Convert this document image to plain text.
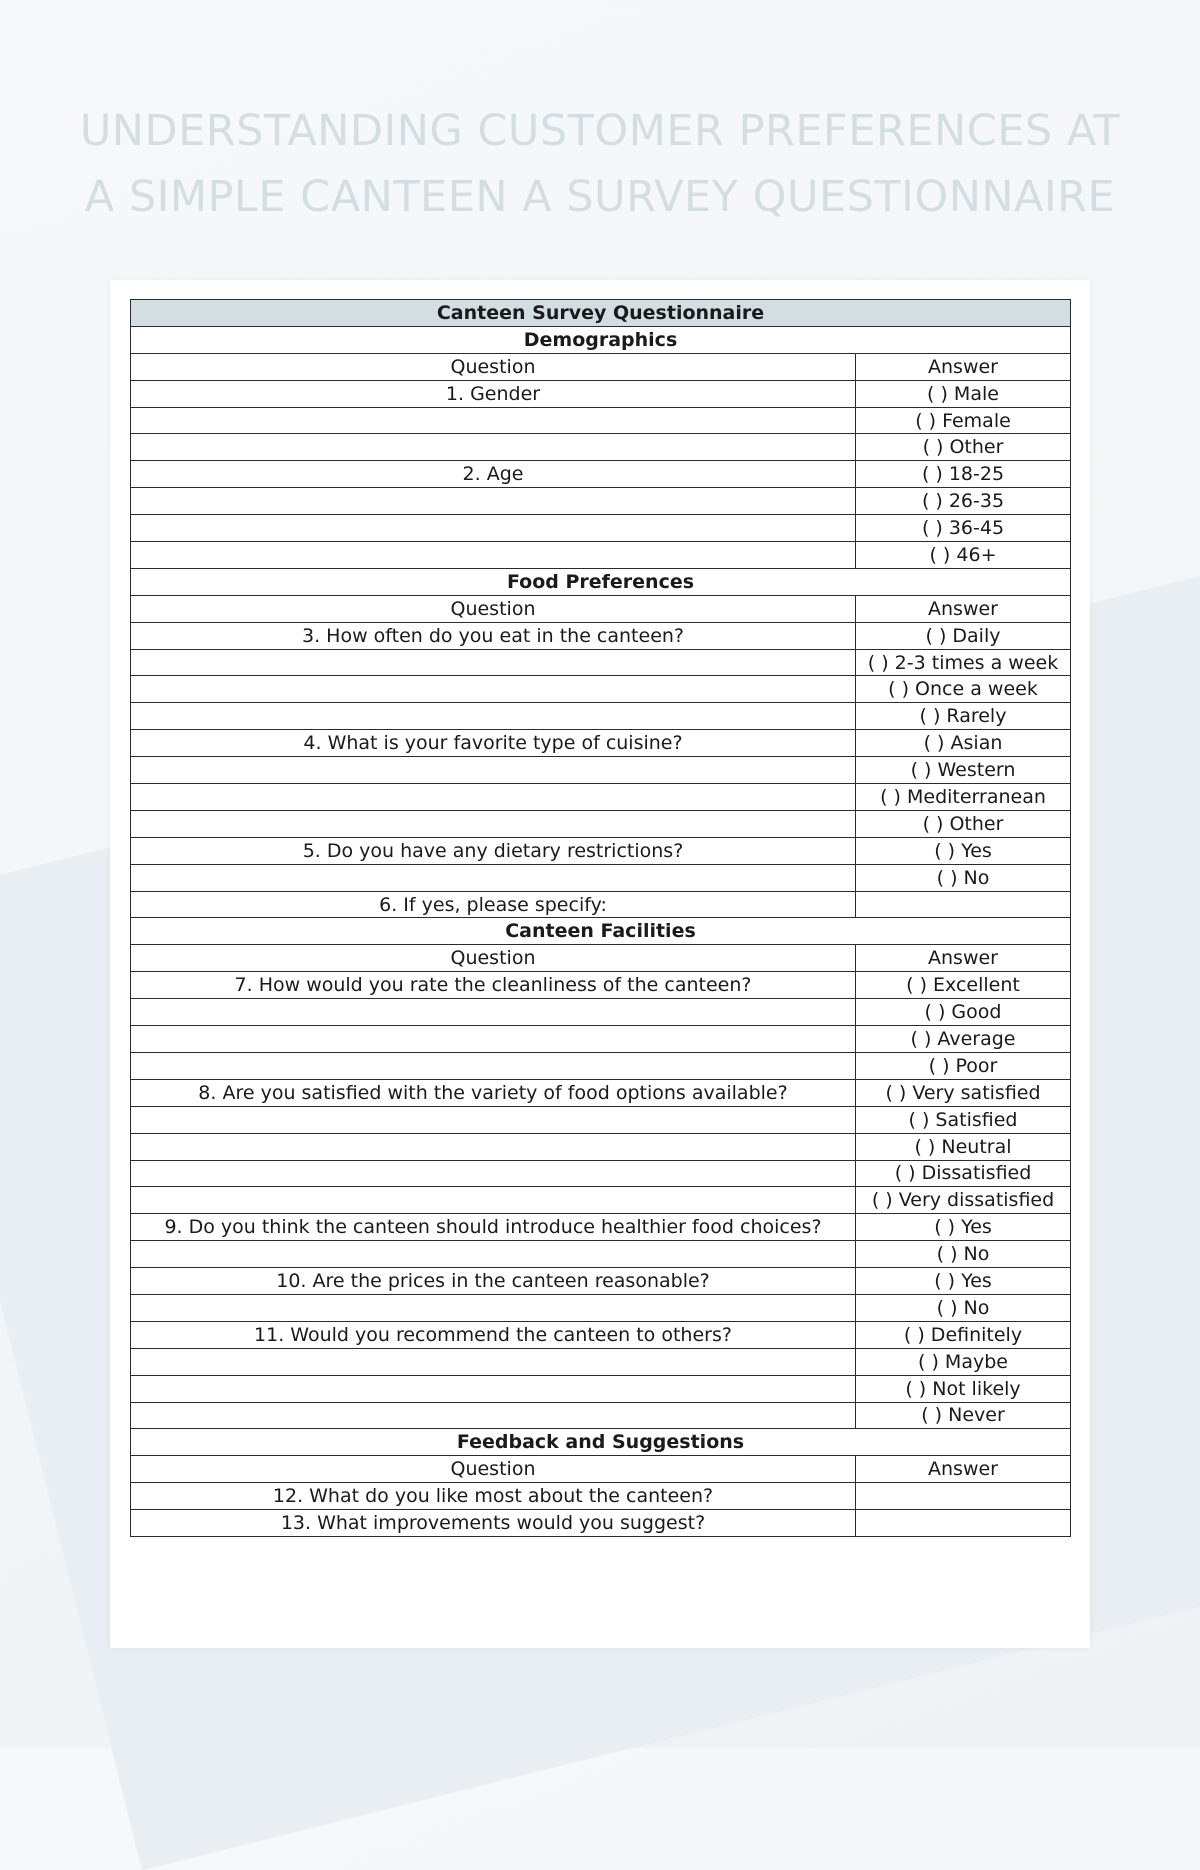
UNDERSTANDING CUSTOMER PREFERENCES AT
A SIMPLE CANTEEN A SURVEY QUESTIONNAIRE
Canteen Survey Questionnaire	
Demographics	
Question	Answer
1. Gender	( ) Male
	( ) Female
	( ) Other
2. Age	( ) 18-25
	( ) 26-35
	( ) 36-45
	( ) 46+
Food Preferences	
Question	Answer
3. How often do you eat in the canteen?	( ) Daily
	( ) 2-3 times a week
	( ) Once a week
	( ) Rarely
4. What is your favorite type of cuisine?	( ) Asian
	( ) Western
	( ) Mediterranean
	( ) Other
5. Do you have any dietary restrictions?	( ) Yes
	( ) No
6. If yes, please specify:	
Canteen Facilities	
Question	Answer
7. How would you rate the cleanliness of the canteen?	( ) Excellent
	( ) Good
	( ) Average
	( ) Poor
8. Are you satisfied with the variety of food options available?	( ) Very satisfied
	( ) Satisfied
	( ) Neutral
	( ) Dissatisfied
	( ) Very dissatisfied
9. Do you think the canteen should introduce healthier food choices?	( ) Yes
	( ) No
10. Are the prices in the canteen reasonable?	( ) Yes
	( ) No
11. Would you recommend the canteen to others?	( ) Definitely
	( ) Maybe
	( ) Not likely
	( ) Never
Feedback and Suggestions	
Question	Answer
12. What do you like most about the canteen?	
13. What improvements would you suggest?	
